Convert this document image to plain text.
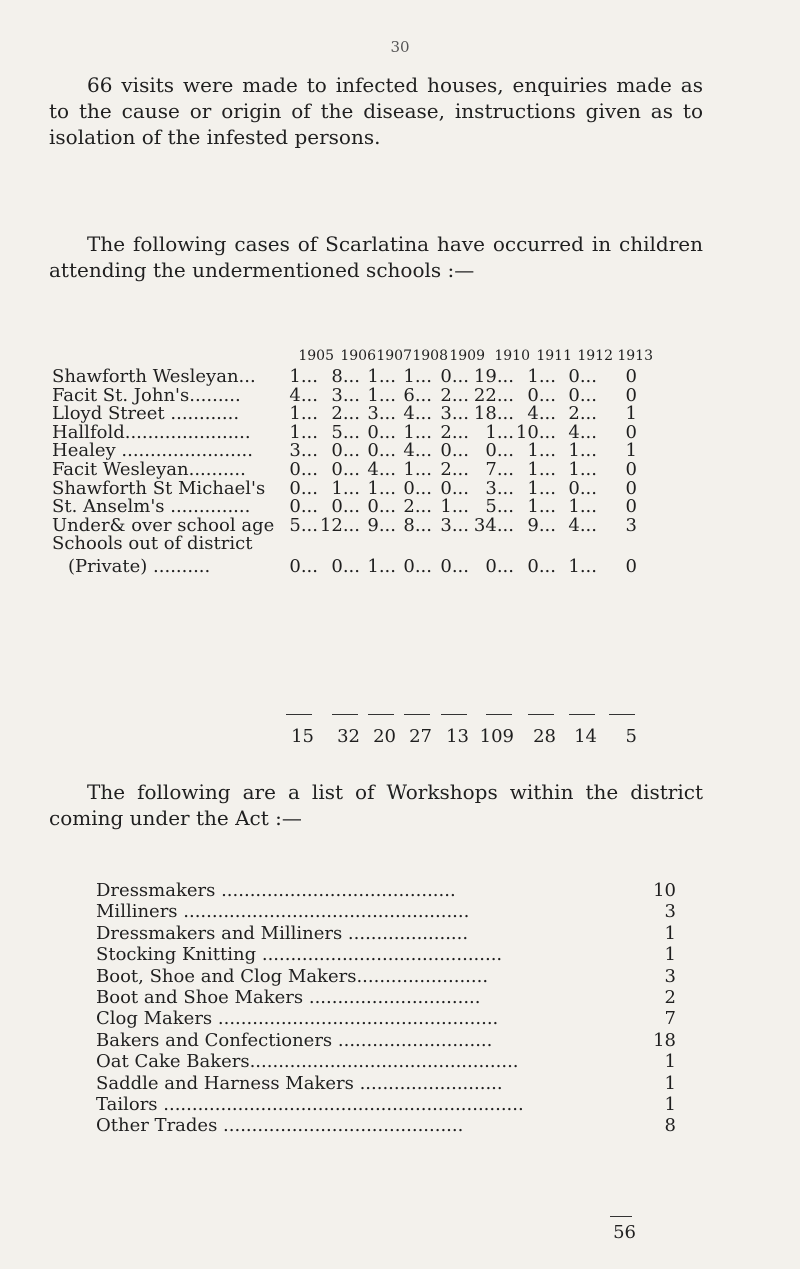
30
66 visits were made to infected houses, enquiries made as to the cause or origin of the disease, instructions given as to isolation of the infested persons.
The following cases of Scarlatina have occurred in children attending the undermentioned schools :—
1905 1906 1907 1908 1909 1910 1911 1912 1913
Shawforth Wesleyan...	1... 8... 1... 1... 0... 19... 1... 0...	0
Facit St. John's.........	4... 3... 1... 6... 2... 22... 0... 0...	0
Lloyd Street ............	1... 2... 3... 4... 3... 18... 4... 2...	1
Hallfold......................	1... 5... 0... 1... 2... 1... 10... 4...	0
Healey .......................	3... 0... 0... 4... 0... 0... 1... 1...	1
Facit Wesleyan..........	0... 0... 4... 1... 2... 7... 1... 1...	0
Shawforth St Michael's	0... 1... 1... 0... 0... 3... 1... 0...	0
St. Anselm's ..............	0... 0... 0... 2... 1... 5... 1... 1...	0
Under& over school age 5... 12... 9... 8... 3... 34... 9... 4...	3
Schools out of district
(Private) ..........	0... 0... 1... 0... 0... 0... 0... 1...	0
15	32 20 27 13 109	28	14	5
The following are a list of Workshops within the district coming under the Act :—
Dressmakers .........................................	10
Milliners ..................................................	3
Dressmakers and Milliners .....................	1
Stocking Knitting ..........................................	1
Boot, Shoe and Clog Makers.......................	3
Boot and Shoe Makers ..............................	2
Clog Makers .................................................	7
Bakers and Confectioners ...........................	18
Oat Cake Bakers...............................................	1
Saddle and Harness Makers .........................	1
Tailors ...............................................................	1
Other Trades ..........................................	8
56
